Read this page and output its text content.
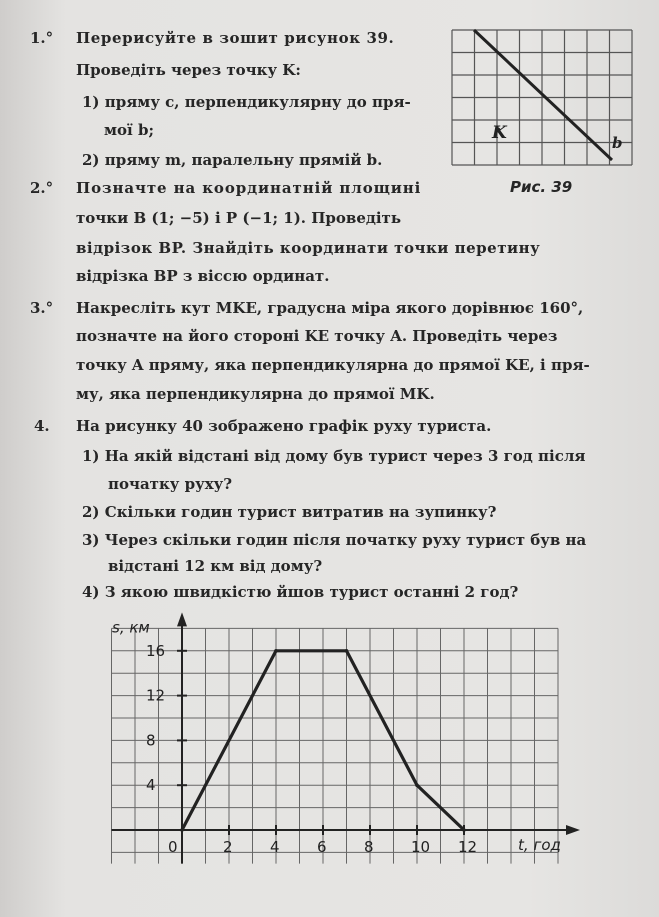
1.° Перерисуйте в зошит рисунок 39.
Проведіть через точку K:
1) пряму c, перпендикулярну до пря-
мої b;
2) пряму m, паралельну прямій b.
K	b
Рис. 39
2.° Позначте на координатній площині
точки B (1; −5) і P (−1; 1). Проведіть
відрізок BP. Знайдіть координати точки перетину
відрізка BP з віссю ординат.
3.° Накресліть кут MKE, градусна міра якого дорівнює 160°,
позначте на його стороні KE точку A. Проведіть через
точку A пряму, яка перпендикулярна до прямої KE, і пря-
му, яка перпендикулярна до прямої MK.
4. На рисунку 40 зображено графік руху туриста.
1) На якій відстані від дому був турист через 3 год після
початку руху?
2) Скільки годин турист витратив на зупинку?
3) Через скільки годин після початку руху турист був на
відстані 12 км від дому?
4) З якою швидкістю йшов турист останні 2 год?
0	2 4 6 8 10 12
4
8
12
16
s, км
t, год
